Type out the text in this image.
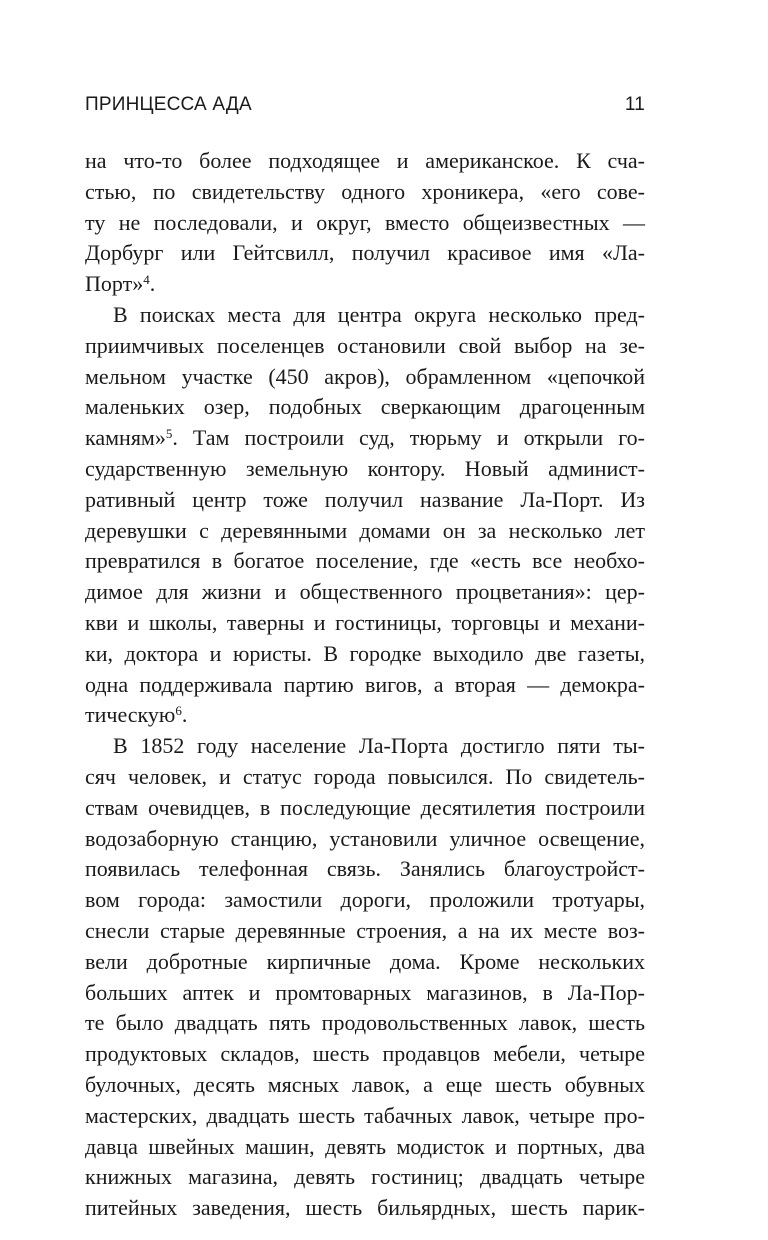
ПРИНЦЕССА АДА	11
на что-то более подходящее и американское. К сча-
стью, по свидетельству одного хроникера, «его сове-
ту не последовали, и округ, вместо общеизвестных —
Дорбург или Гейтсвилл, получил красивое имя «Ла-
Порт»$^4$.
В поисках места для центра округа несколько пред-
приимчивых поселенцев остановили свой выбор на зе-
мельном участке (450 акров), обрамленном «цепочкой
маленьких озер, подобных сверкающим драгоценным
камням»$^5$. Там построили суд, тюрьму и открыли го-
сударственную земельную контору. Новый админист-
ративный центр тоже получил название Ла-Порт. Из
деревушки с деревянными домами он за несколько лет
превратился в богатое поселение, где «есть все необхо-
димое для жизни и общественного процветания»: цер-
кви и школы, таверны и гостиницы, торговцы и механи-
ки, доктора и юристы. В городке выходило две газеты,
одна поддерживала партию вигов, а вторая — демокра-
тическую$^6$.
В 1852 году население Ла-Порта достигло пяти ты-
сяч человек, и статус города повысился. По свидетель-
ствам очевидцев, в последующие десятилетия построили
водозаборную станцию, установили уличное освещение,
появилась телефонная связь. Занялись благоустройст-
вом города: замостили дороги, проложили тротуары,
снесли старые деревянные строения, а на их месте воз-
вели добротные кирпичные дома. Кроме нескольких
больших аптек и промтоварных магазинов, в Ла-Пор-
те было двадцать пять продовольственных лавок, шесть
продуктовых складов, шесть продавцов мебели, четыре
булочных, десять мясных лавок, а еще шесть обувных
мастерских, двадцать шесть табачных лавок, четыре про-
давца швейных машин, девять модисток и портных, два
книжных магазина, девять гостиниц; двадцать четыре
питейных заведения, шесть бильярдных, шесть парик-
